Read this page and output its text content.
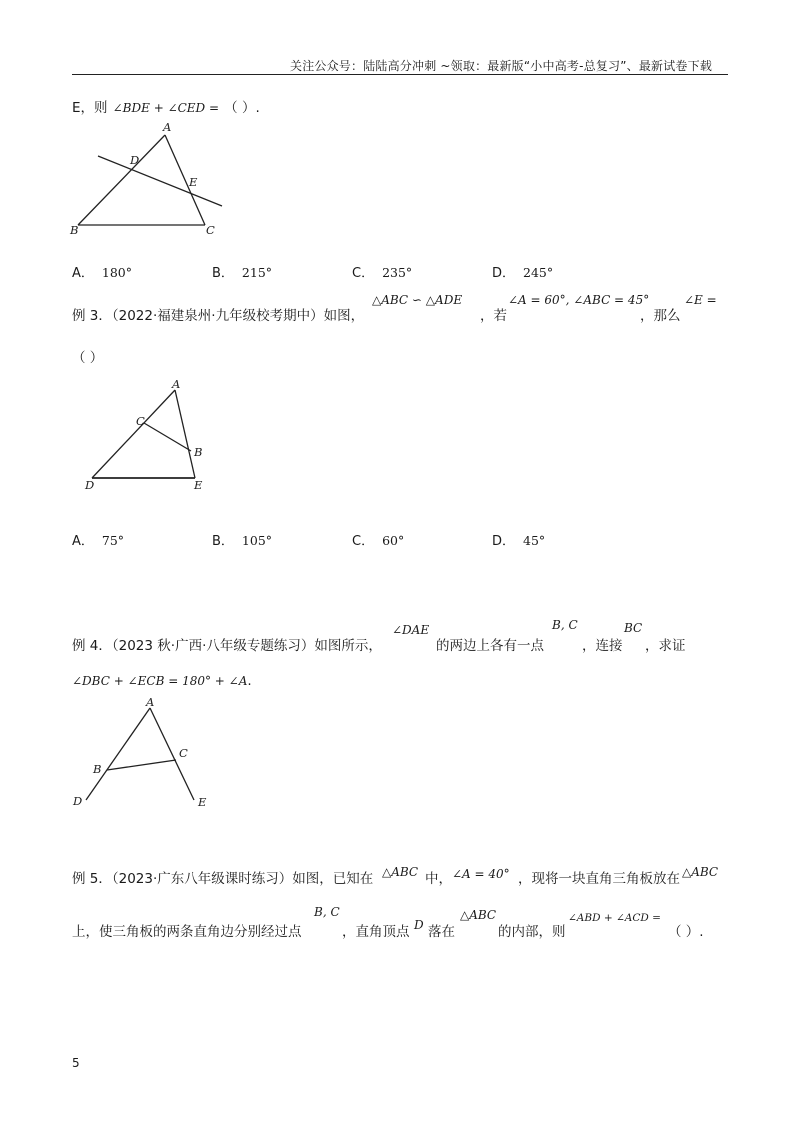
关注公众号：陆陆高分冲刺 ~领取：最新版“小中高考-总复习”、最新试卷下载
E，则 ∠BDE + ∠CED = （ ）.
A
D
E
B	C
A． 180°	B． 215°	C． 235°	D． 245°
例 3．（2022·福建泉州·九年级校考期中）如图，
△ABC ∽ △ADE
，若
∠A = 60°, ∠ABC = 45°
，那么
∠E =
（ ）
A
C
B
D	E
A． 75°	B． 105°	C． 60°	D． 45°
例 4．（2023 秋·广西·八年级专题练习）如图所示，
∠DAE
的两边上各有一点
B, C
，连接
BC
，求证
∠DBC + ∠ECB = 180° + ∠A.
A
B
C
D	E
例 5．（2023·广东八年级课时练习）如图，已知在 △ABC 中， ∠A = 40° ，现将一块直角三角板放在 △ABC
上，使三角板的两条直角边分别经过点
B, C
，直角顶点 D 落在
△ABC
的内部，则
∠ABD + ∠ACD =
（ ）.
5
